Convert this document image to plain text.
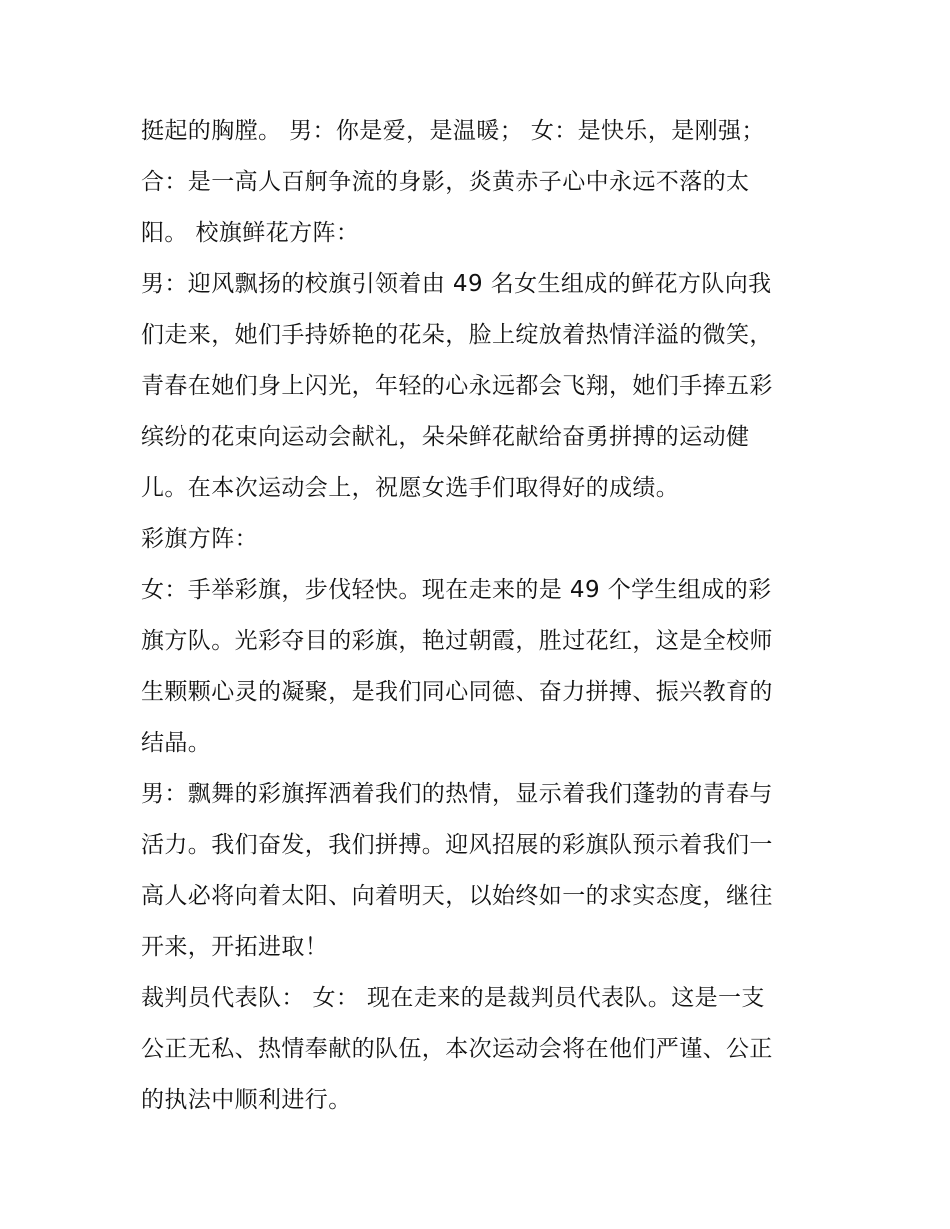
挺起的胸膛。 男：你是爱，是温暖； 女：是快乐，是刚强；
合：是一高人百舸争流的身影，炎黄赤子心中永远不落的太
阳。 校旗鲜花方阵：
男：迎风飘扬的校旗引领着由 49 名女生组成的鲜花方队向我
们走来，她们手持娇艳的花朵，脸上绽放着热情洋溢的微笑，
青春在她们身上闪光，年轻的心永远都会飞翔，她们手捧五彩
缤纷的花束向运动会献礼，朵朵鲜花献给奋勇拼搏的运动健
儿。在本次运动会上，祝愿女选手们取得好的成绩。
彩旗方阵：
女：手举彩旗，步伐轻快。现在走来的是 49 个学生组成的彩
旗方队。光彩夺目的彩旗，艳过朝霞，胜过花红，这是全校师
生颗颗心灵的凝聚，是我们同心同德、奋力拼搏、振兴教育的
结晶。
男：飘舞的彩旗挥洒着我们的热情，显示着我们蓬勃的青春与
活力。我们奋发，我们拼搏。迎风招展的彩旗队预示着我们一
高人必将向着太阳、向着明天，以始终如一的求实态度，继往
开来，开拓进取！
裁判员代表队： 女： 现在走来的是裁判员代表队。这是一支
公正无私、热情奉献的队伍，本次运动会将在他们严谨、公正
的执法中顺利进行。
